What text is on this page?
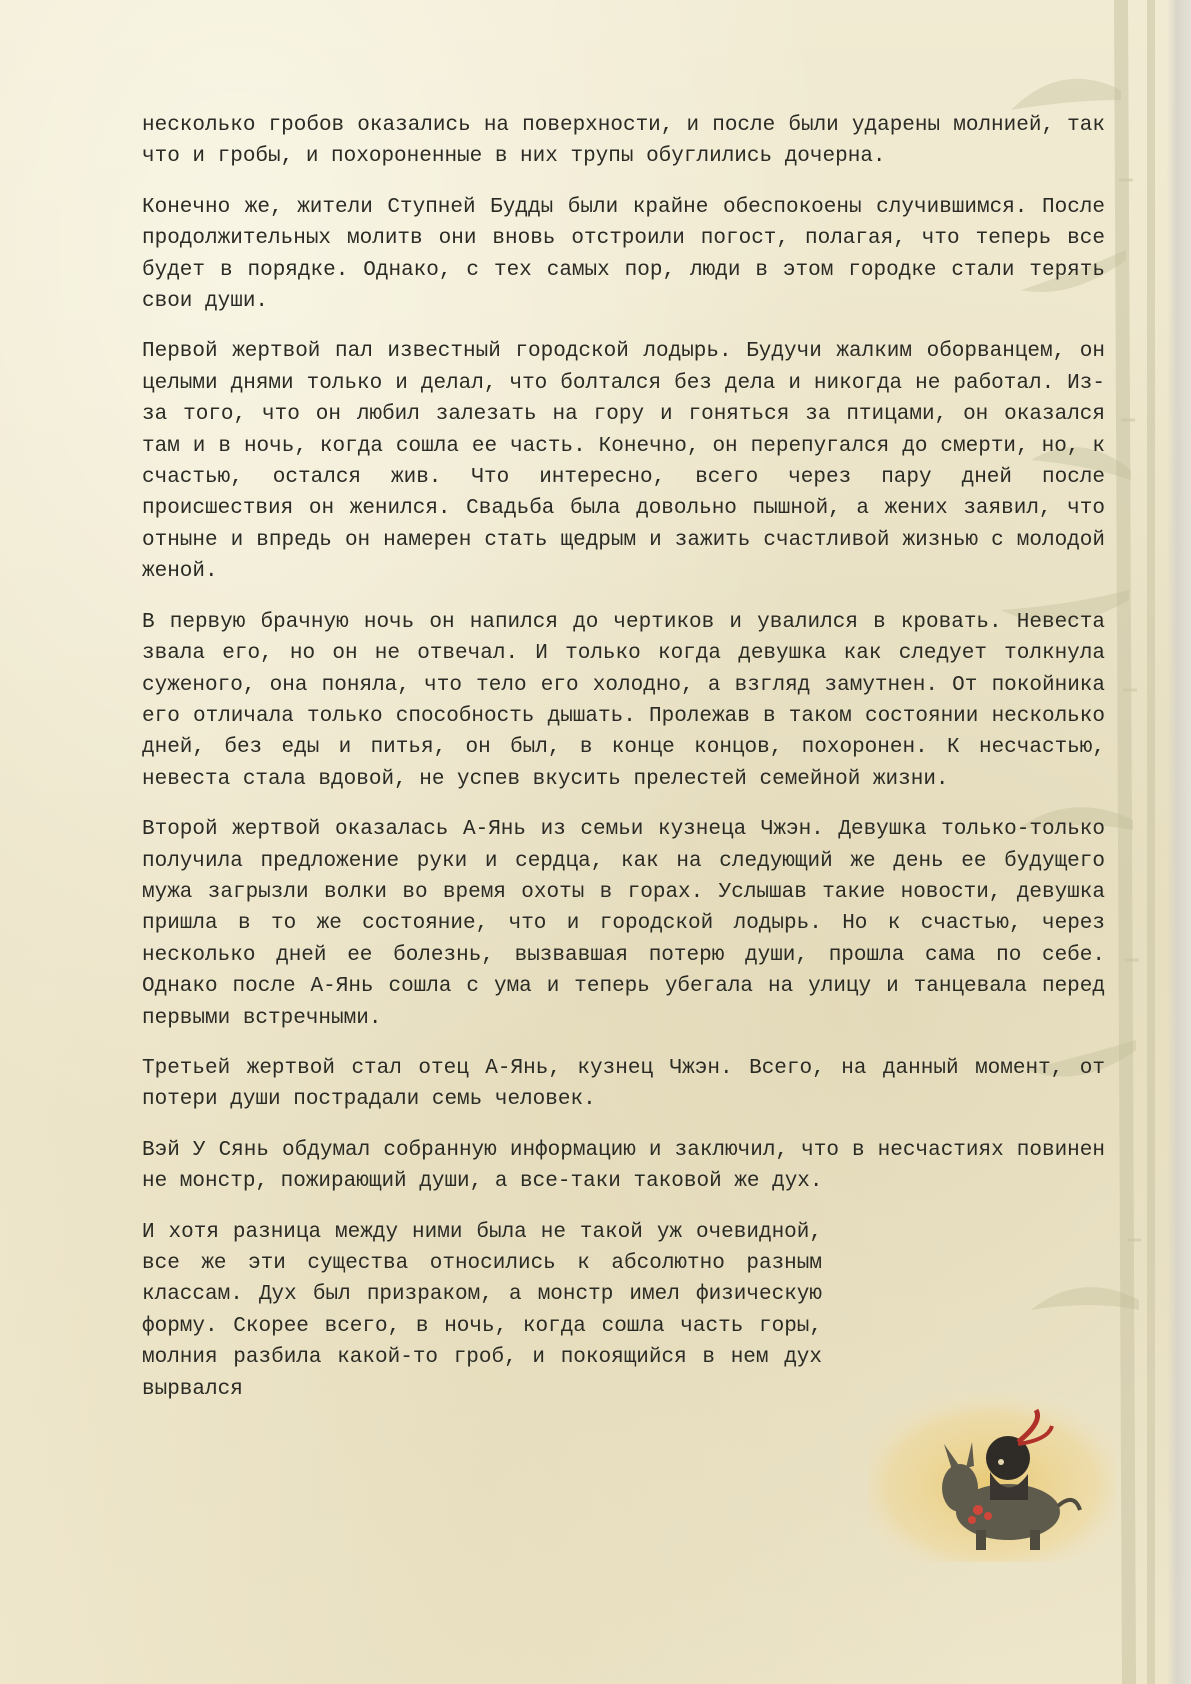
несколько гробов оказались на поверхности, и после были ударены молнией, так что и гробы, и похороненные в них трупы обуглились дочерна.

Конечно же, жители Ступней Будды были крайне обеспокоены случившимся. После продолжительных молитв они вновь отстроили погост, полагая, что теперь все будет в порядке. Однако, с тех самых пор, люди в этом городке стали терять свои души.

Первой жертвой пал известный городской лодырь. Будучи жалким оборванцем, он целыми днями только и делал, что болтался без дела и никогда не работал. Из-за того, что он любил залезать на гору и гоняться за птицами, он оказался там и в ночь, когда сошла ее часть. Конечно, он перепугался до смерти, но, к счастью, остался жив. Что интересно, всего через пару дней после происшествия он женился. Свадьба была довольно пышной, а жених заявил, что отныне и впредь он намерен стать щедрым и зажить счастливой жизнью с молодой женой.

В первую брачную ночь он напился до чертиков и увалился в кровать. Невеста звала его, но он не отвечал. И только когда девушка как следует толкнула суженого, она поняла, что тело его холодно, а взгляд замутнен. От покойника его отличала только способность дышать. Пролежав в таком состоянии несколько дней, без еды и питья, он был, в конце концов, похоронен. К несчастью, невеста стала вдовой, не успев вкусить прелестей семейной жизни.

Второй жертвой оказалась А-Янь из семьи кузнеца Чжэн. Девушка только-только получила предложение руки и сердца, как на следующий же день ее будущего мужа загрызли волки во время охоты в горах. Услышав такие новости, девушка пришла в то же состояние, что и городской лодырь. Но к счастью, через несколько дней ее болезнь, вызвавшая потерю души, прошла сама по себе. Однако после А-Янь сошла с ума и теперь убегала на улицу и танцевала перед первыми встречными.

Третьей жертвой стал отец А-Янь, кузнец Чжэн. Всего, на данный момент, от потери души пострадали семь человек.

Вэй У Сянь обдумал собранную информацию и заключил, что в несчастиях повинен не монстр, пожирающий души, а все-таки таковой же дух.

И хотя разница между ними была не такой уж очевидной, все же эти существа относились к абсолютно разным классам. Дух был призраком, а монстр имел физическую форму. Скорее всего, в ночь, когда сошла часть горы, молния разбила какой-то гроб, и покоящийся в нем дух вырвался
